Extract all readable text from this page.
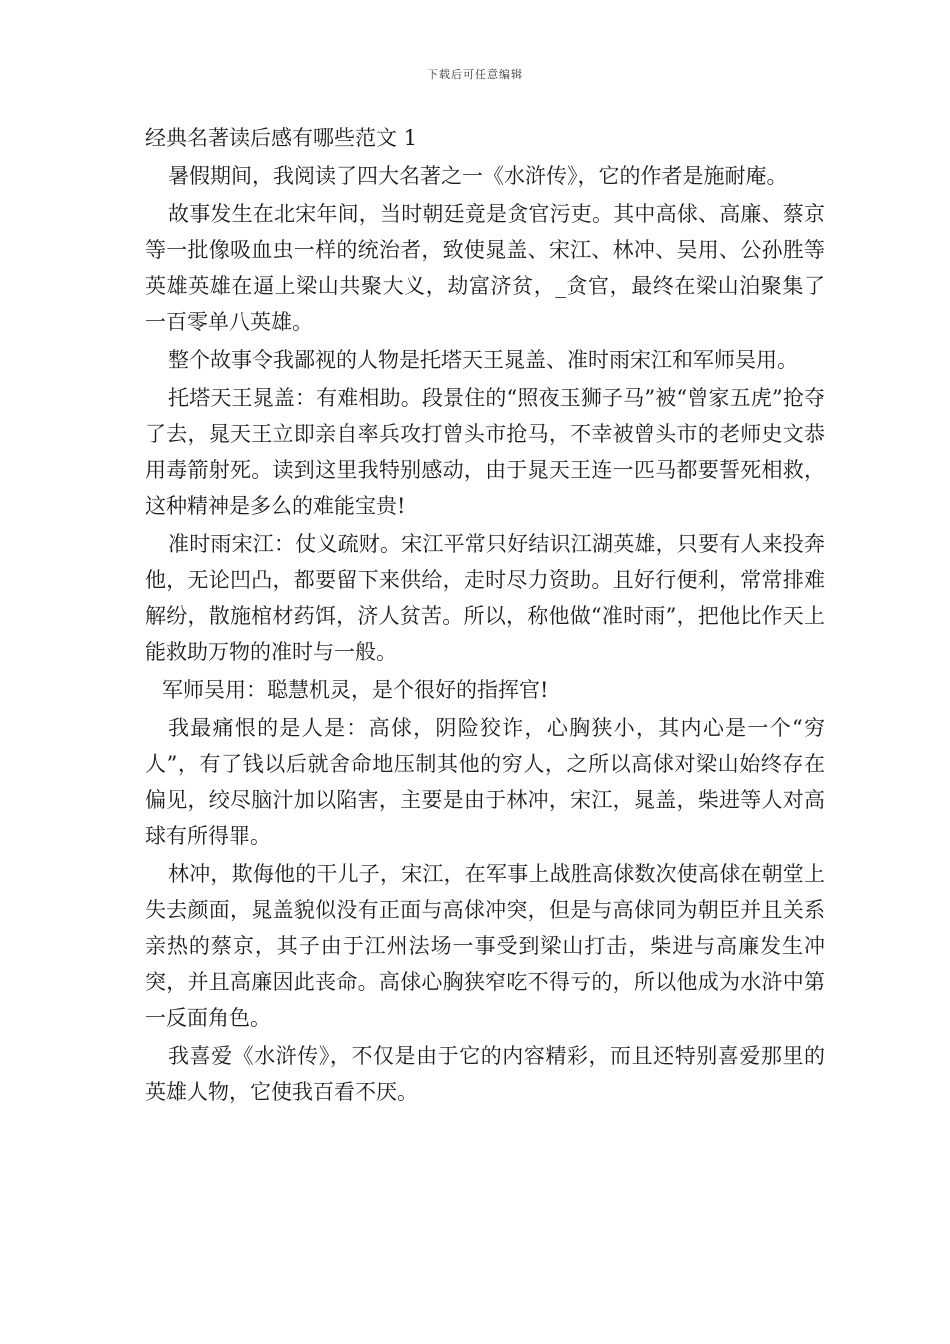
下载后可任意编辑
经典名著读后感有哪些范文 1

暑假期间，我阅读了四大名著之一《水浒传》，它的作者是施耐庵。

故事发生在北宋年间，当时朝廷竟是贪官污吏。其中高俅、高廉、蔡京等一批像吸血虫一样的统治者，致使晁盖、宋江、林冲、吴用、公孙胜等英雄英雄在逼上梁山共聚大义，劫富济贫，_贪官，最终在梁山泊聚集了一百零单八英雄。

整个故事令我鄙视的人物是托塔天王晁盖、准时雨宋江和军师吴用。

托塔天王晁盖：有难相助。段景住的“照夜玉狮子马”被“曾家五虎”抢夺了去，晁天王立即亲自率兵攻打曾头市抢马，不幸被曾头市的老师史文恭用毒箭射死。读到这里我特别感动，由于晁天王连一匹马都要誓死相救，这种精神是多么的难能宝贵!

准时雨宋江：仗义疏财。宋江平常只好结识江湖英雄，只要有人来投奔他，无论凹凸，都要留下来供给，走时尽力资助。且好行便利，常常排难解纷，散施棺材药饵，济人贫苦。所以，称他做“准时雨”，把他比作天上能救助万物的准时与一般。

军师吴用：聪慧机灵，是个很好的指挥官!

我最痛恨的是人是：高俅，阴险狡诈，心胸狭小，其内心是一个“穷人”，有了钱以后就舍命地压制其他的穷人，之所以高俅对梁山始终存在偏见，绞尽脑汁加以陷害，主要是由于林冲，宋江，晁盖，柴进等人对高球有所得罪。

林冲，欺侮他的干儿子，宋江，在军事上战胜高俅数次使高俅在朝堂上失去颜面，晁盖貌似没有正面与高俅冲突，但是与高俅同为朝臣并且关系亲热的蔡京，其子由于江州法场一事受到梁山打击，柴进与高廉发生冲突，并且高廉因此丧命。高俅心胸狭窄吃不得亏的，所以他成为水浒中第一反面角色。

我喜爱《水浒传》，不仅是由于它的内容精彩，而且还特别喜爱那里的英雄人物，它使我百看不厌。
